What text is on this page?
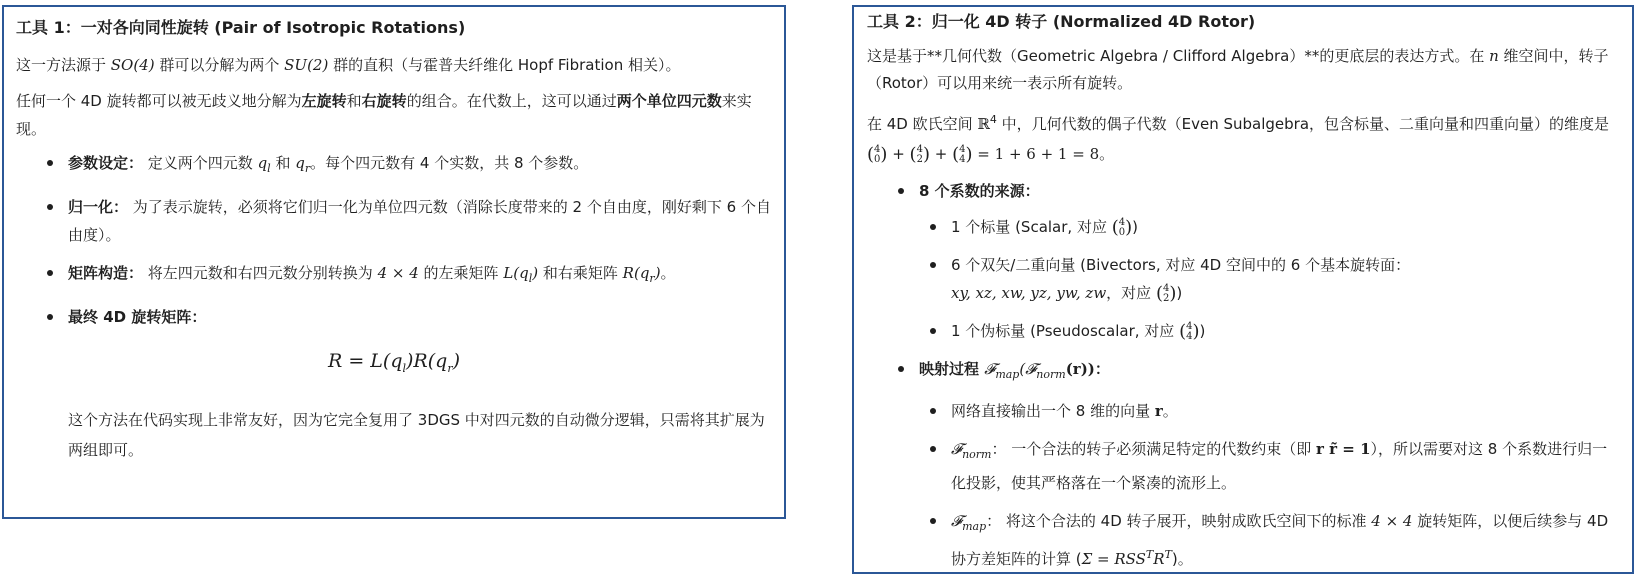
工具 1：一对各向同性旋转 (Pair of Isotropic Rotations)

这一方法源于 SO(4) 群可以分解为两个 SU(2) 群的直积（与霍普夫纤维化 Hopf Fibration 相关）。

任何一个 4D 旋转都可以被无歧义地分解为左旋转和右旋转的组合。在代数上，这可以通过两个单位四元数来实现。

参数设定： 定义两个四元数 $q_l$ 和 $q_r$。每个四元数有 4 个实数，共 8 个参数。
归一化： 为了表示旋转，必须将它们归一化为单位四元数（消除长度带来的 2 个自由度，刚好剩下 6 个自由度）。
矩阵构造： 将左四元数和右四元数分别转换为 4 × 4 的左乘矩阵 $L(q_l)$ 和右乘矩阵 $R(q_r)$。
最终 4D 旋转矩阵：
$R = L(q_l)R(q_r)$

这个方法在代码实现上非常友好，因为它完全复用了 3DGS 中对四元数的自动微分逻辑，只需将其扩展为两组即可。

工具 2：归一化 4D 转子 (Normalized 4D Rotor)

这是基于**几何代数（Geometric Algebra / Clifford Algebra）**的更底层的表达方式。在 n 维空间中，转子（Rotor）可以用来统一表示所有旋转。

在 4D 欧氏空间 ℝ$^4$ 中，几何代数的偶子代数（Even Subalgebra，包含标量、二重向量和四重向量）的维度是 (4
0) + (4
2) + (4
4) = 1 + 6 + 1 = 8。

8 个系数的来源：
1 个标量 (Scalar, 对应 (4
0))
6 个双矢/二重向量 (Bivectors, 对应 4D 空间中的 6 个基本旋转面：
xy, xz, xw, yz, yw, zw，对应 (4
2))
1 个伪标量 (Pseudoscalar, 对应 (4
4))
映射过程 𝓕$_{map}$(𝓕$_{norm}$(r))：
网络直接输出一个 8 维的向量 r。
𝓕$_{norm}$： 一个合法的转子必须满足特定的代数约束（即 r r̃ = 1），所以需要对这 8 个系数进行归一化投影，使其严格落在一个紧凑的流形上。
𝓕$_{map}$： 将这个合法的 4D 转子展开，映射成欧氏空间下的标准 4 × 4 旋转矩阵，以便后续参与 4D 协方差矩阵的计算 $(\Sigma = RSS^TR^T)$。
